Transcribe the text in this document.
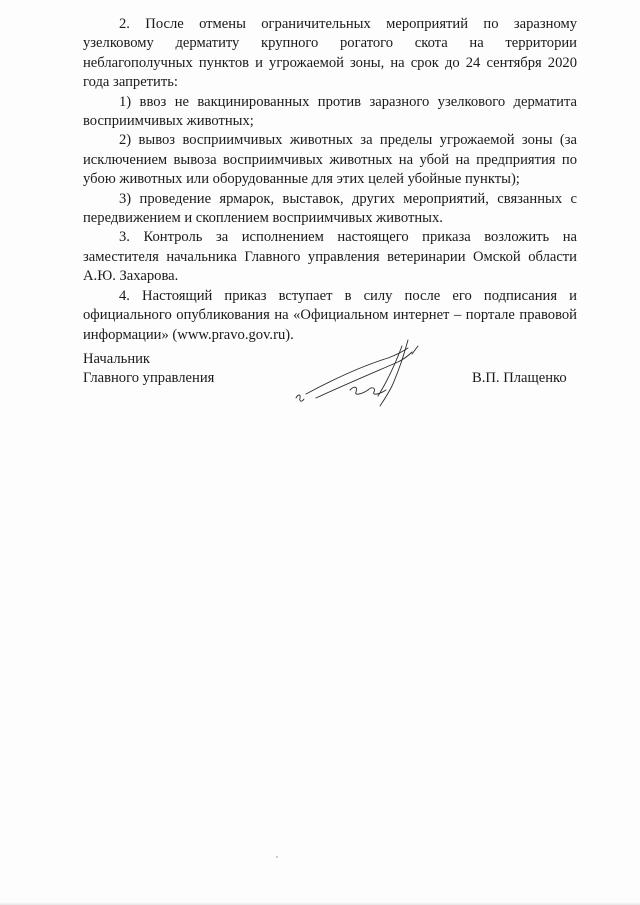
2. После отмены ограничительных мероприятий по заразному узелковому дерматиту крупного рогатого скота на территории неблагополучных пунктов и угрожаемой зоны, на срок до 24 сентября 2020 года запретить:

1) ввоз не вакцинированных против заразного узелкового дерматита восприимчивых животных;

2) вывоз восприимчивых животных за пределы угрожаемой зоны (за исключением вывоза восприимчивых животных на убой на предприятия по убою животных или оборудованные для этих целей убойные пункты);

3) проведение ярмарок, выставок, других мероприятий, связанных с передвижением и скоплением восприимчивых животных.

3. Контроль за исполнением настоящего приказа возложить на заместителя начальника Главного управления ветеринарии Омской области А.Ю. Захарова.

4. Настоящий приказ вступает в силу после его подписания и официального опубликования на «Официальном интернет – портале правовой информации» (www.pravo.gov.ru).

Начальник
Главного управления	В.П. Плащенко
